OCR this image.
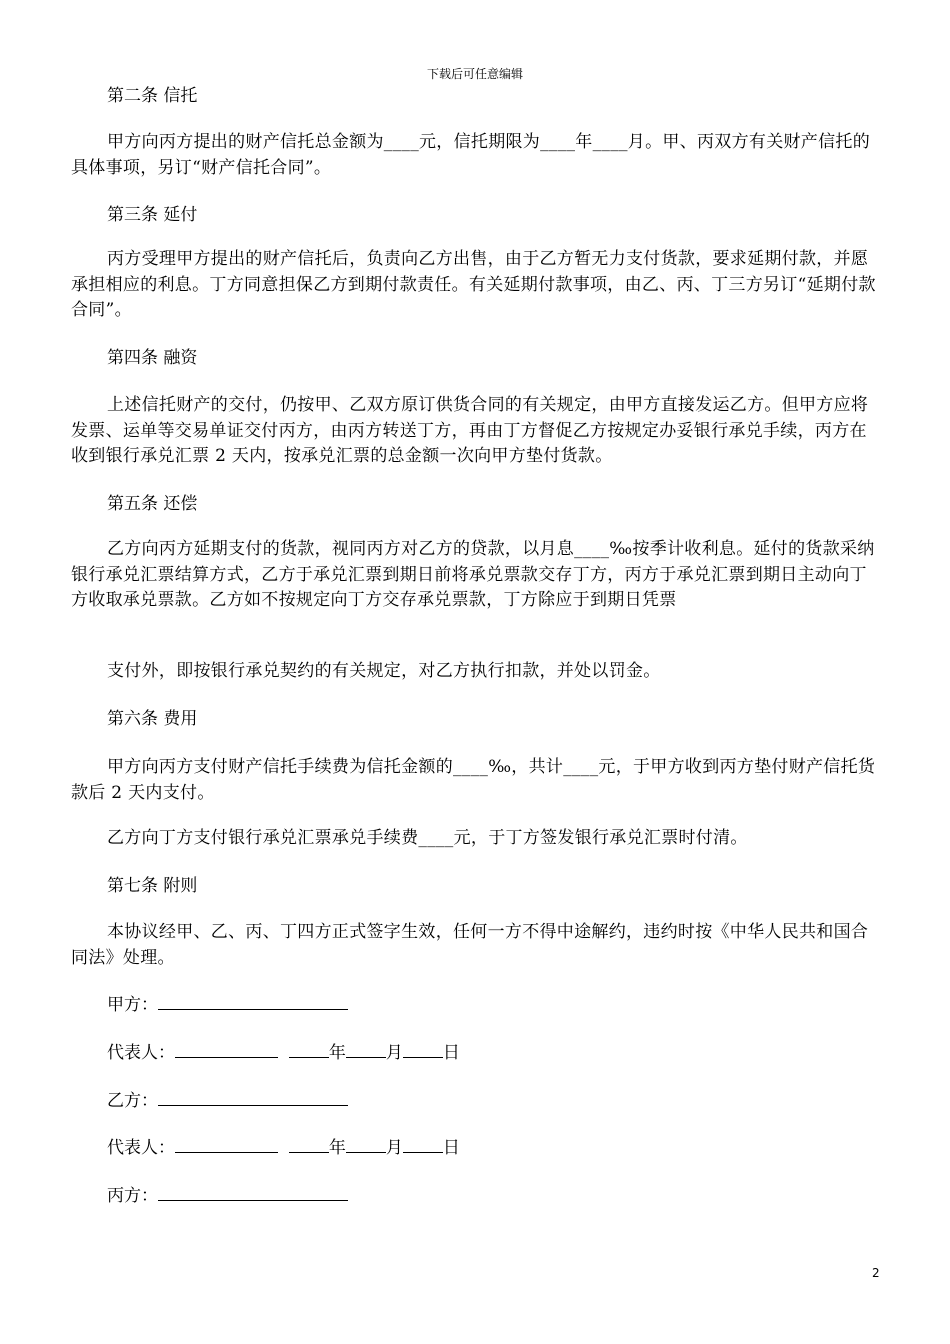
下载后可任意编辑
第二条 信托
甲方向丙方提出的财产信托总金额为____元，信托期限为____年____月。甲、丙双方有关财产信托的具体事项，另订“财产信托合同”。
第三条 延付
丙方受理甲方提出的财产信托后，负责向乙方出售，由于乙方暂无力支付货款，要求延期付款，并愿承担相应的利息。丁方同意担保乙方到期付款责任。有关延期付款事项，由乙、丙、丁三方另订“延期付款合同”。
第四条 融资
上述信托财产的交付，仍按甲、乙双方原订供货合同的有关规定，由甲方直接发运乙方。但甲方应将发票、运单等交易单证交付丙方，由丙方转送丁方，再由丁方督促乙方按规定办妥银行承兑手续，丙方在收到银行承兑汇票 2 天内，按承兑汇票的总金额一次向甲方垫付货款。
第五条 还偿
乙方向丙方延期支付的货款，视同丙方对乙方的贷款，以月息____‰按季计收利息。延付的货款采纳银行承兑汇票结算方式，乙方于承兑汇票到期日前将承兑票款交存丁方，丙方于承兑汇票到期日主动向丁方收取承兑票款。乙方如不按规定向丁方交存承兑票款，丁方除应于到期日凭票
支付外，即按银行承兑契约的有关规定，对乙方执行扣款，并处以罚金。
第六条 费用
甲方向丙方支付财产信托手续费为信托金额的____‰，共计____元，于甲方收到丙方垫付财产信托货款后 2 天内支付。
乙方向丁方支付银行承兑汇票承兑手续费____元，于丁方签发银行承兑汇票时付清。
第七条 附则
本协议经甲、乙、丙、丁四方正式签字生效，任何一方不得中途解约，违约时按《中华人民共和国合同法》处理。
甲方：
代表人：	年 月 日
乙方：
代表人：	年 月 日
丙方：
2
